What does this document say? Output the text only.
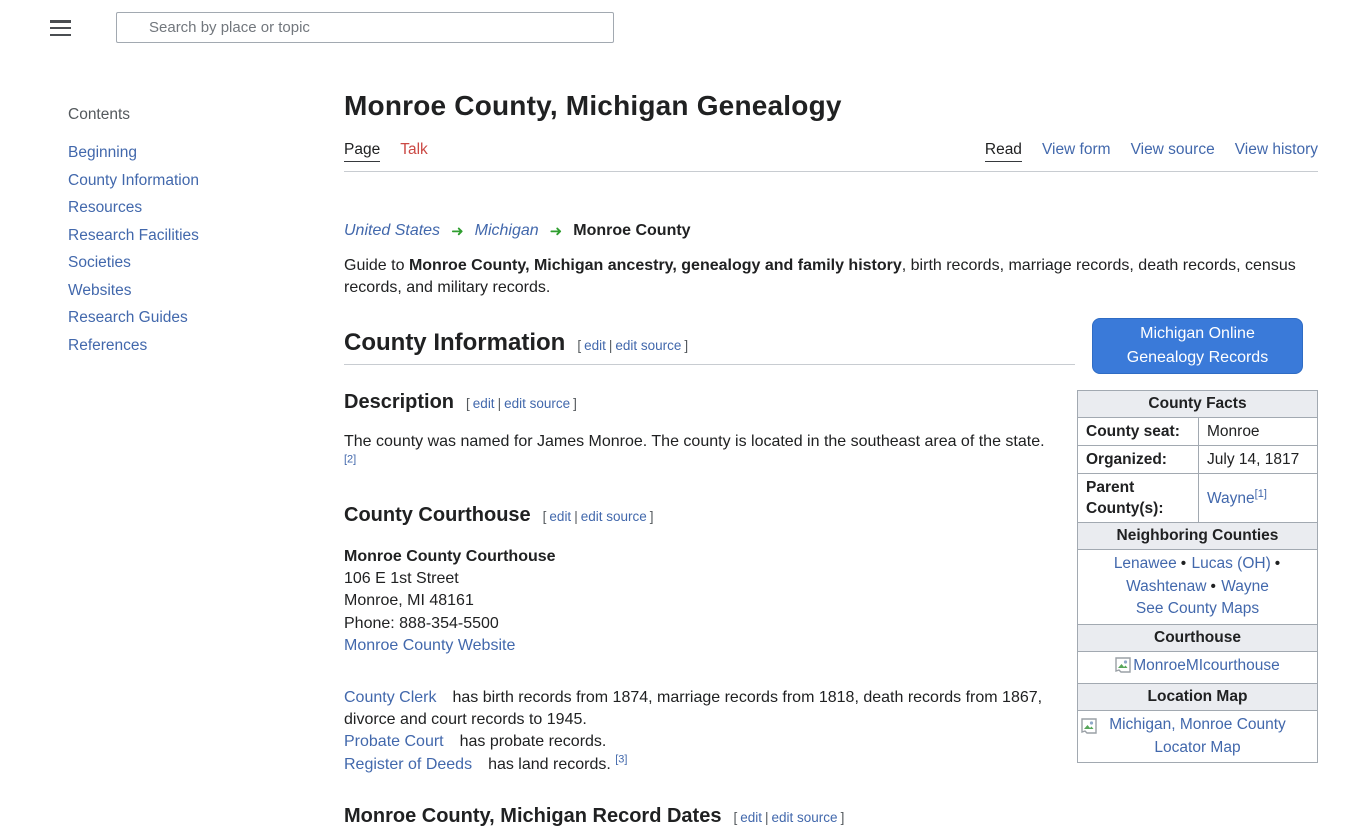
Search by place or topic
Contents
Beginning
County Information
Resources
Research Facilities
Societies
Websites
Research Guides
References
Monroe County, Michigan Genealogy
Page Talk	Read View form View source View history
United States ➜ Michigan ➜ Monroe County

Guide to Monroe County, Michigan ancestry, genealogy and family history, birth records, marriage records, death records, census records, and military records.

County Information [ edit | edit source ]
Description [ edit | edit source ]

The county was named for James Monroe. The county is located in the southeast area of the state.[2]

County Courthouse [ edit | edit source ]
Monroe County Courthouse
106 E 1st Street
Monroe, MI 48161
Phone: 888-354-5500
Monroe County Website
County Clerk has birth records from 1874, marriage records from 1818, death records from 1867, divorce and court records to 1945.
Probate Court has probate records.
Register of Deeds has land records. [3]
Monroe County, Michigan Record Dates [ edit | edit source ]
Michigan Online Genealogy Records
County Facts	
County seat:	Monroe
Organized:	July 14, 1817
Parent County(s):	Wayne[1]
Neighboring Counties	
Lenawee • Lucas (OH) • Washtenaw • Wayne
See County Maps	

Courthouse	
MonroeMIcourthouse	
Location Map	

Michigan, Monroe County Locator Map	
